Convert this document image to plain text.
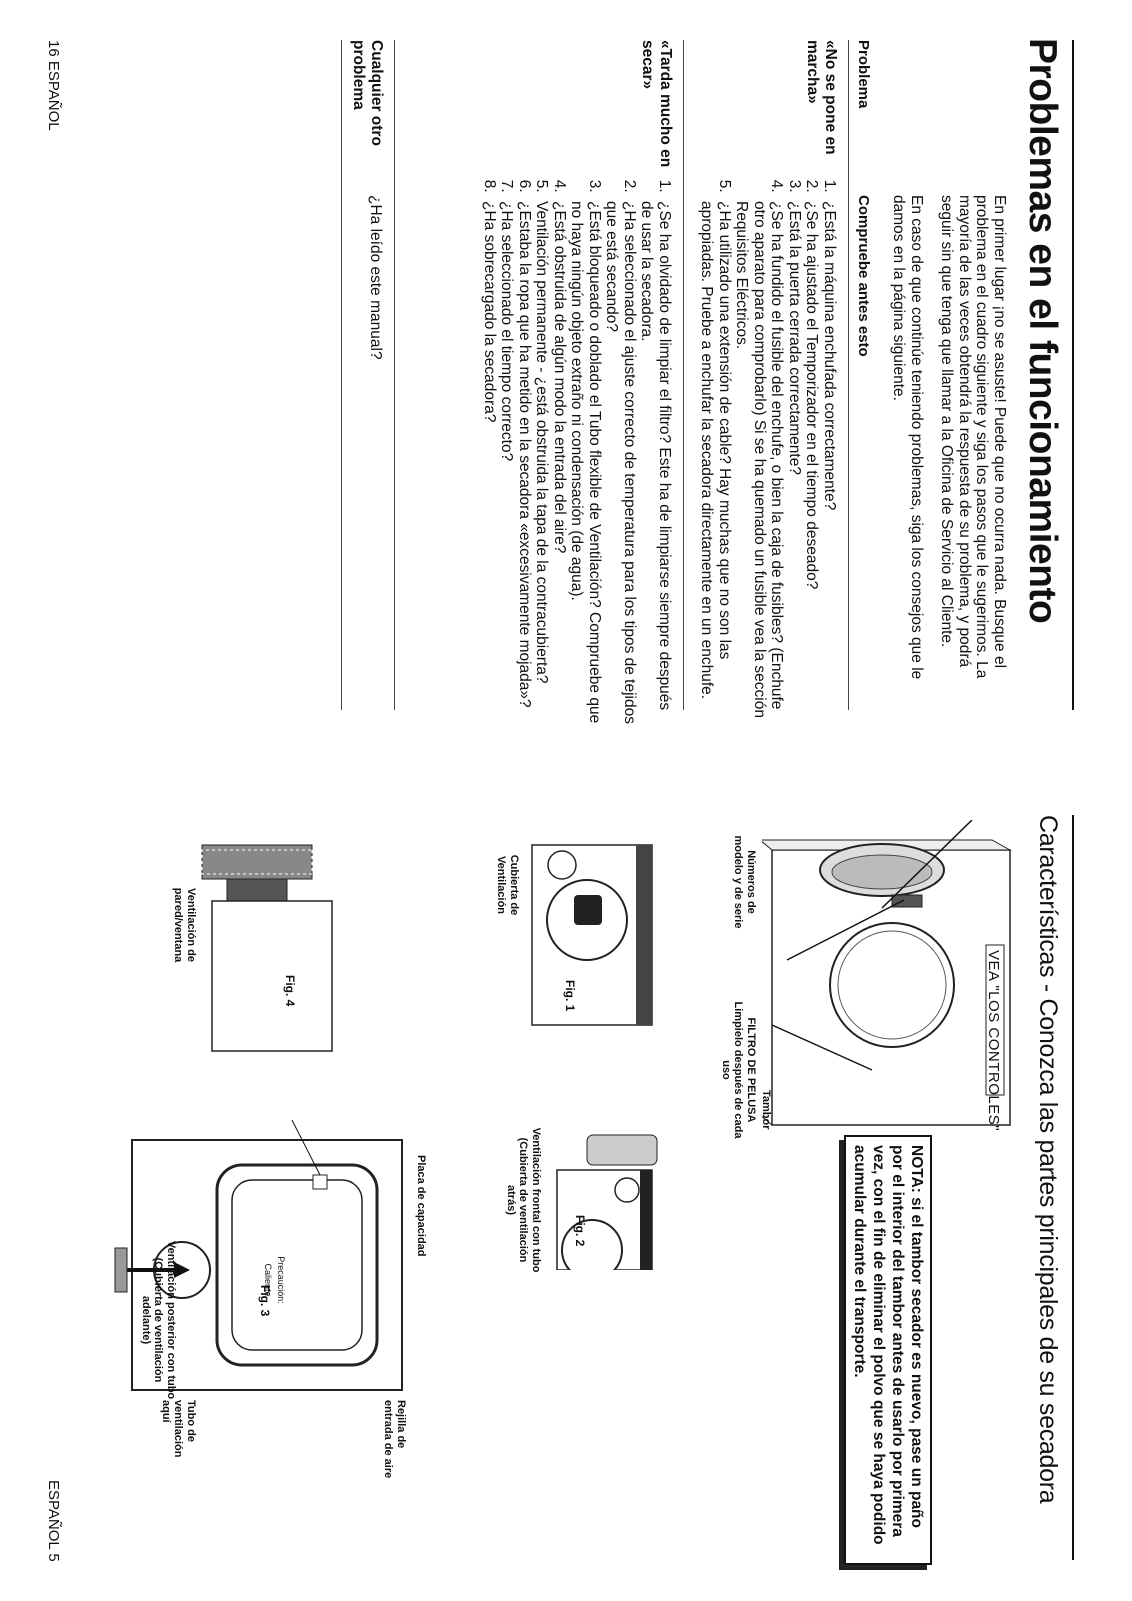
Problemas en el funcionamiento
En primer lugar ¡no se asuste! Puede que no ocurra nada. Busque el problema en el cuadro siguiente y siga los pasos que le sugerimos. La mayoría de las veces obtendrá la respuesta de su problema, y podrá seguir sin que tenga que llamar a la Oficina de Servicio al Cliente.
En caso de que continúe teniendo problemas, siga los consejos que le damos en la página siguiente.
Problema
Compruebe antes esto
«No se pone en marcha»
1. ¿Está la máquina enchufada correctamente?
2. ¿Se ha ajustado el Temporizador en el tiempo deseado?
3. ¿Está la puerta cerrada correctamente?
4. ¿Se ha fundido el fusible del enchufe, o bien la caja de fusibles? (Enchufe otro aparato para comprobarlo) Si se ha quemado un fusible vea la sección Requisitos Eléctricos.
5. ¿Ha utilizado una extensión de cable? Hay muchas que no son las apropiadas. Pruebe a enchufar la secadora directamente en un enchufe.
«Tarda mucho en secar»
1. ¿Se ha olvidado de limpiar el filtro? Este ha de limpiarse siempre después de usar la secadora.
2. ¿Ha seleccionado el ajuste correcto de temperatura para los tipos de tejidos que está secando?
3. ¿Está bloqueado o doblado el Tubo flexible de Ventilación? Compruebe que no haya ningún objeto extraño ni condensación (de agua).
4. ¿Está obstruida de algún modo la entrada del aire?
5. Ventilación permanente - ¿está obstruida la tapa de la contracubierta?
6. ¿Estaba la ropa que ha metido en la secadora «excesivamente mojada»?
7. ¿Ha seleccionado el tiempo correcto?
8. ¿Ha sobrecargado la secadora?
Cualquier otro problema
¿Ha leído este manual?
16 ESPAÑOL
Características - Conozca las partes principales de su secadora
VEA "LOS CONTROLES"
Números de modelo y de serie
FILTRO DE PELUSA Limpielo después de cada uso
Tambor
NOTA: si el tambor secador es nuevo, pase un paño por el interior del tambor antes de usarlo por primera vez, con el fin de eliminar el polvo que se haya podido acumular durante el transporte.
Fig. 1
Cubierta de Ventilación
Fig. 4
Ventilación de pared/ventana
Fig. 2
Ventilación frontal con tubo (Cubierta de ventilación atrás)
Fig. 3 Precaución: Caliente
Placa de capacidad
Rejilla de entrada de aire
Tubo de ventilación aquí
Ventilación posterior con tubo (Cubierta de ventilación adelante)
ESPAÑOL 5
